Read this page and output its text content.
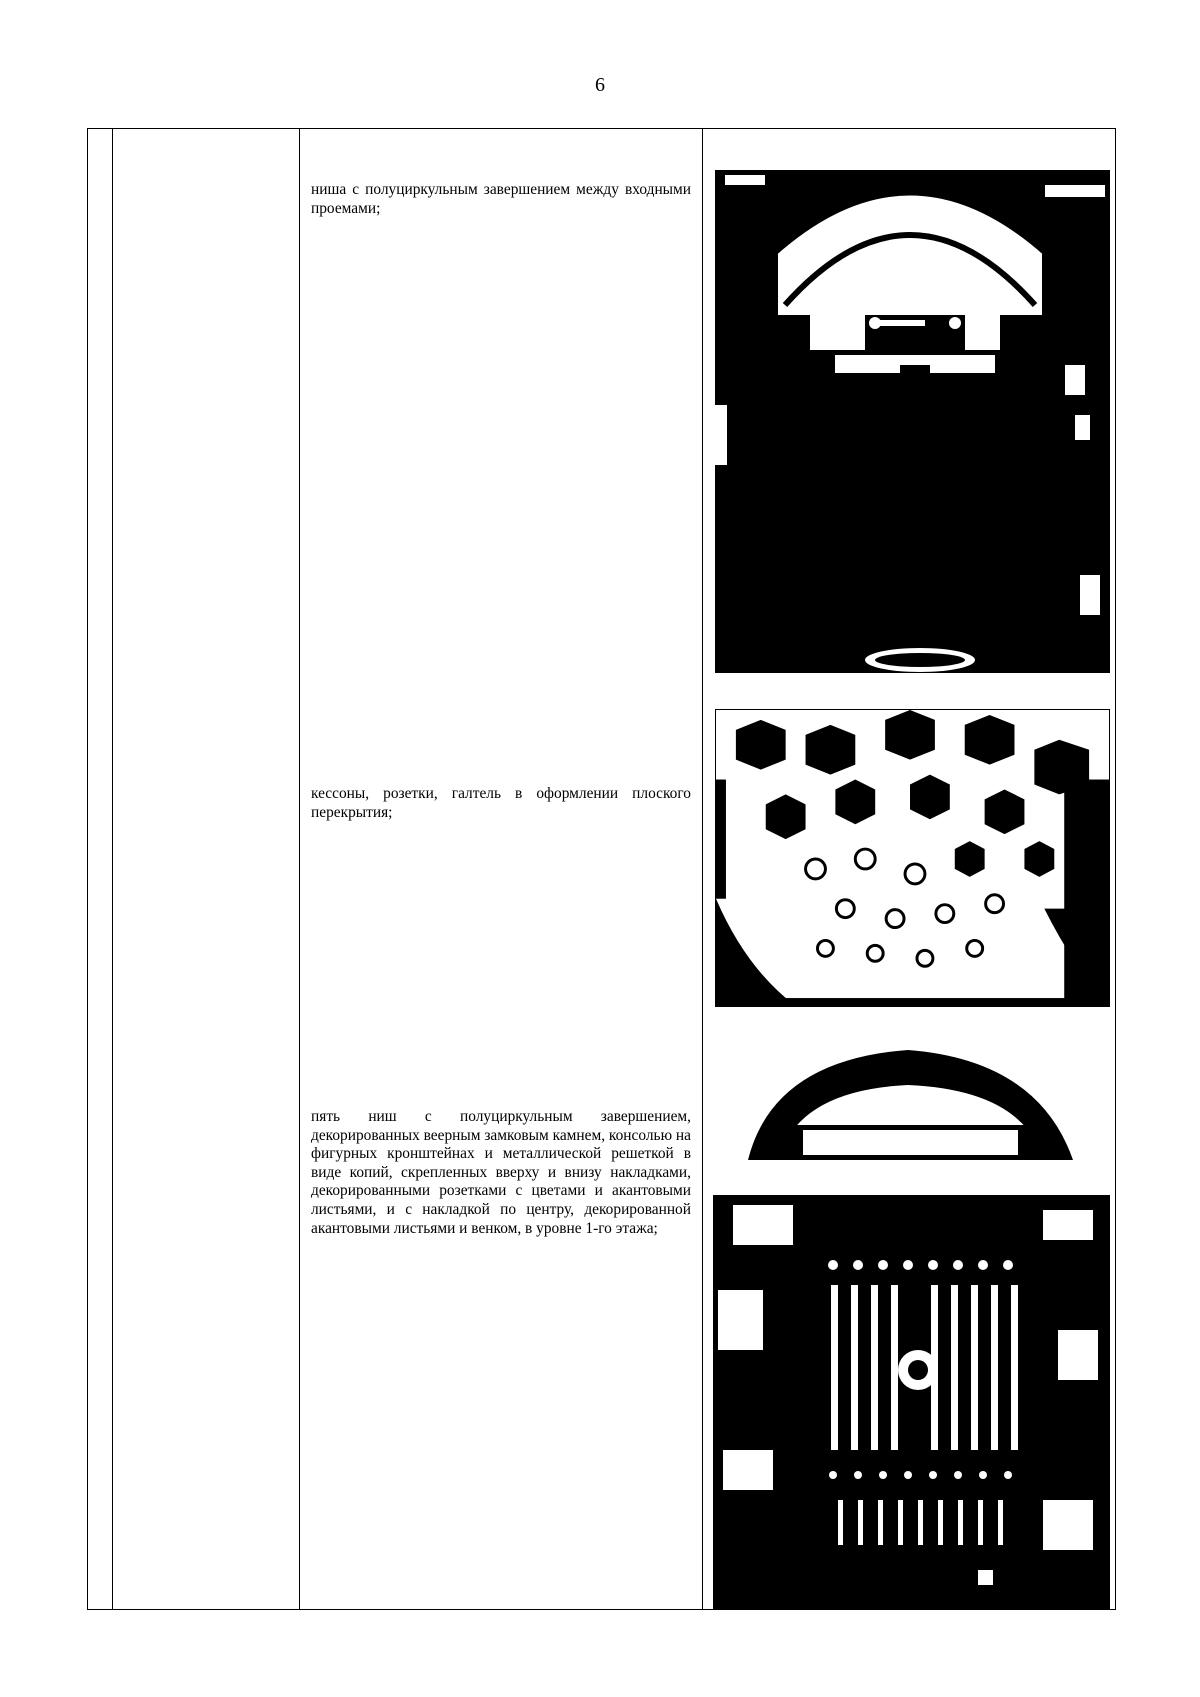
6
ниша с полуциркульным завершением между входными проемами;
кессоны, розетки, галтель в оформлении плоского перекрытия;
пять ниш с полуциркульным завершением, декорированных веерным замковым камнем, консолью на фигурных кронштейнах и металлической решеткой в виде копий, скрепленных вверху и внизу накладками, декорированными розетками с цветами и акантовыми листьями, и с накладкой по центру, декорированной акантовыми листьями и венком, в уровне 1-го этажа;
